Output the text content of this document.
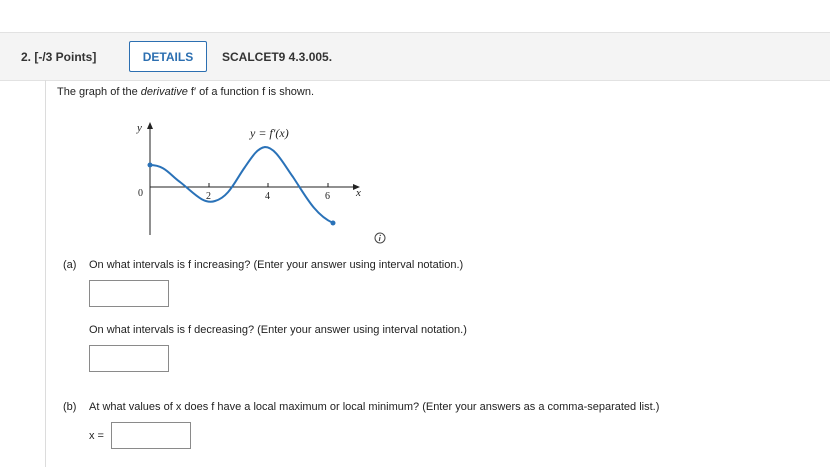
2. [-/3 Points]	DETAILS	SCALCET9 4.3.005.
The graph of the derivative f′ of a function f is shown.
y
x
0	2	4	6
y = f′(x)
(a) On what intervals is f increasing? (Enter your answer using interval notation.)
On what intervals is f decreasing? (Enter your answer using interval notation.)
(b) At what values of x does f have a local maximum or local minimum? (Enter your answers as a comma-separated list.)
x =
